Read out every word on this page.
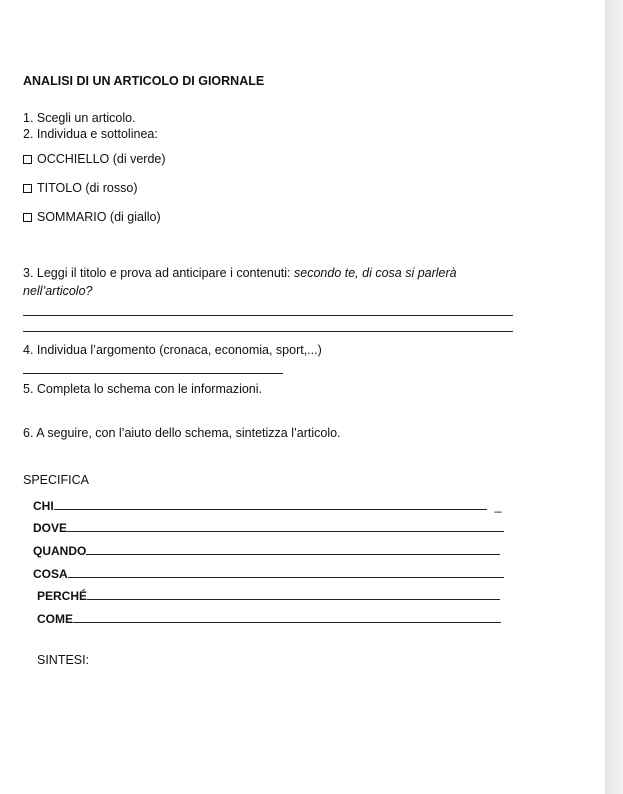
ANALISI DI UN ARTICOLO DI GIORNALE
1. Scegli un articolo.
2. Individua e sottolinea:
OCCHIELLO (di verde)
TITOLO (di rosso)
SOMMARIO (di giallo)
3. Leggi il titolo e prova ad anticipare i contenuti: secondo te, di cosa si parlerà
nell’articolo?
4. Individua l’argomento (cronaca, economia, sport,...)
5. Completa lo schema con le informazioni.
6. A seguire, con l’aiuto dello schema, sintetizza l’articolo.
SPECIFICA
CHI	_
DOVE
QUANDO
COSA
PERCHÉ
COME
SINTESI:
